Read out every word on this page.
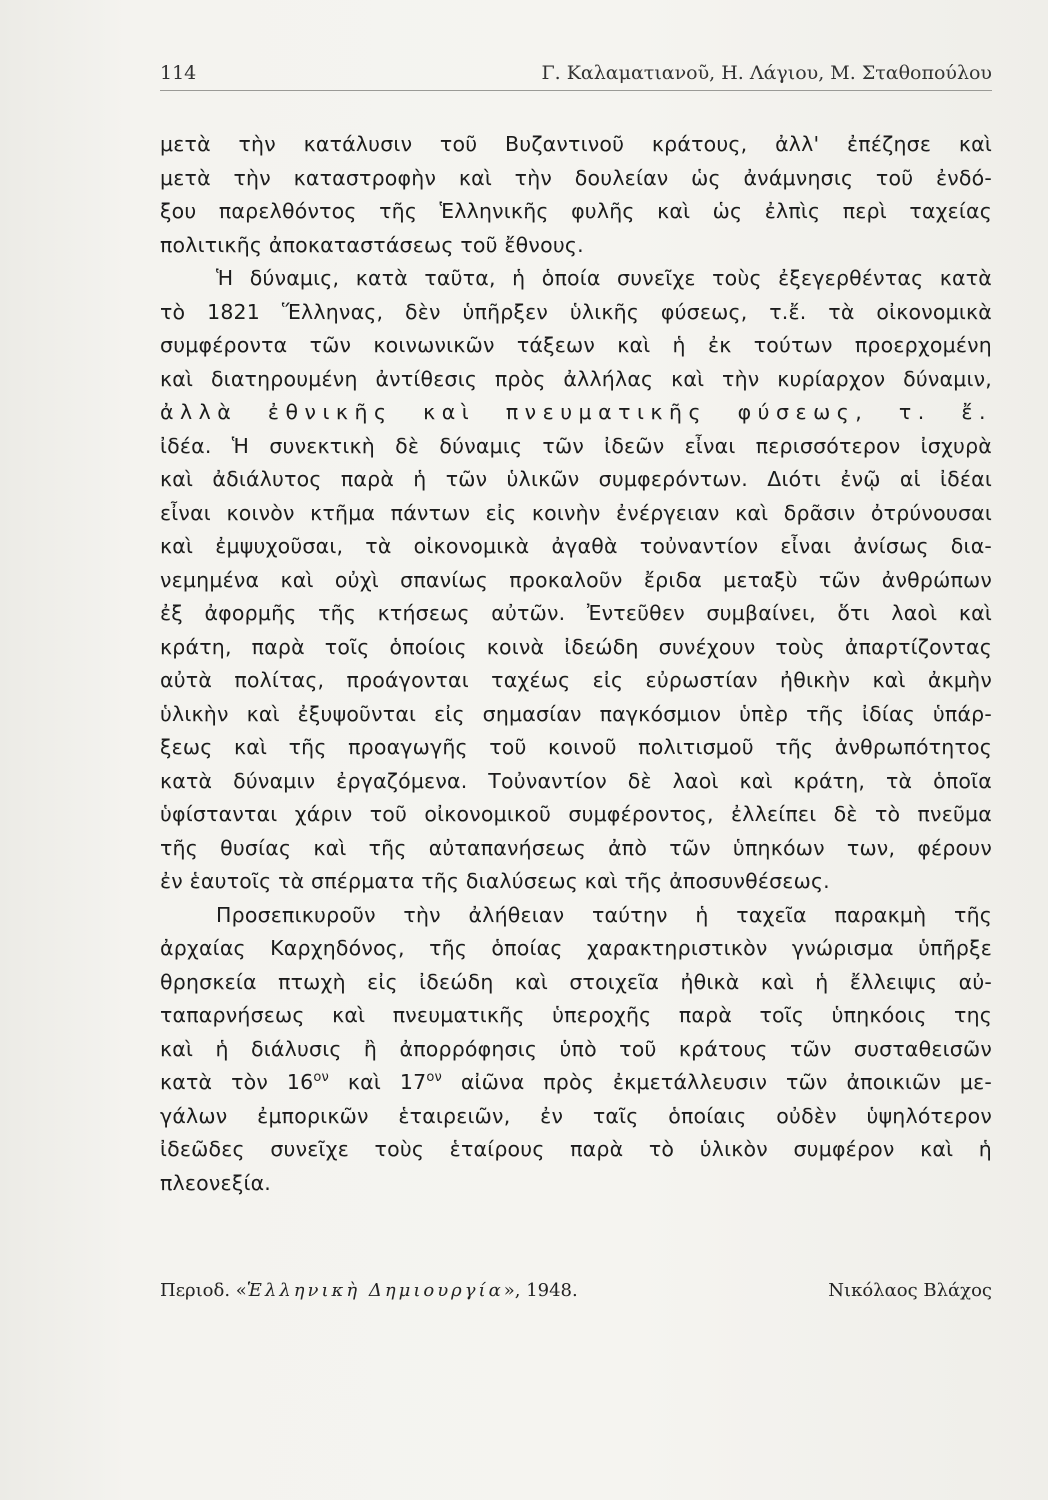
114	Γ. Καλαματιανοῦ, Η. Λάγιου, Μ. Σταθοπούλου
μετὰ τὴν κατάλυσιν τοῦ Βυζαντινοῦ κράτους, ἀλλ' ἐπέζησε καὶ
μετὰ τὴν καταστροφὴν καὶ τὴν δουλείαν ὡς ἀνάμνησις τοῦ ἐνδό-
ξου παρελθόντος τῆς Ἑλληνικῆς φυλῆς καὶ ὡς ἐλπὶς περὶ ταχείας
πολιτικῆς ἀποκαταστάσεως τοῦ ἔθνους.
Ἡ δύναμις, κατὰ ταῦτα, ἡ ὁποία συνεῖχε τοὺς ἐξεγερθέντας κατὰ
τὸ 1821 Ἕλληνας, δὲν ὑπῆρξεν ὑλικῆς φύσεως, τ.ἔ. τὰ οἰκονομικὰ
συμφέροντα τῶν κοινωνικῶν τάξεων καὶ ἡ ἐκ τούτων προερχομένη
καὶ διατηρουμένη ἀντίθεσις πρὸς ἀλλήλας καὶ τὴν κυρίαρχον δύναμιν,
ἀλλὰ ἐθνικῆς καὶ πνευματικῆς φύσεως, τ. ἔ.
ἰδέα. Ἡ συνεκτικὴ δὲ δύναμις τῶν ἰδεῶν εἶναι περισσότερον ἰσχυρὰ
καὶ ἀδιάλυτος παρὰ ἡ τῶν ὑλικῶν συμφερόντων. Διότι ἐνῷ αἱ ἰδέαι
εἶναι κοινὸν κτῆμα πάντων εἰς κοινὴν ἐνέργειαν καὶ δρᾶσιν ὀτρύνουσαι
καὶ ἐμψυχοῦσαι, τὰ οἰκονομικὰ ἀγαθὰ τοὐναντίον εἶναι ἀνίσως δια-
νεμημένα καὶ οὐχὶ σπανίως προκαλοῦν ἔριδα μεταξὺ τῶν ἀνθρώπων
ἐξ ἀφορμῆς τῆς κτήσεως αὐτῶν. Ἐντεῦθεν συμβαίνει, ὅτι λαοὶ καὶ
κράτη, παρὰ τοῖς ὁποίοις κοινὰ ἰδεώδη συνέχουν τοὺς ἀπαρτίζοντας
αὐτὰ πολίτας, προάγονται ταχέως εἰς εὐρωστίαν ἠθικὴν καὶ ἀκμὴν
ὑλικὴν καὶ ἐξυψοῦνται εἰς σημασίαν παγκόσμιον ὑπὲρ τῆς ἰδίας ὑπάρ-
ξεως καὶ τῆς προαγωγῆς τοῦ κοινοῦ πολιτισμοῦ τῆς ἀνθρωπότητος
κατὰ δύναμιν ἐργαζόμενα. Τοὐναντίον δὲ λαοὶ καὶ κράτη, τὰ ὁποῖα
ὑφίστανται χάριν τοῦ οἰκονομικοῦ συμφέροντος, ἐλλείπει δὲ τὸ πνεῦμα
τῆς θυσίας καὶ τῆς αὐταπανήσεως ἀπὸ τῶν ὑπηκόων των, φέρουν
ἐν ἑαυτοῖς τὰ σπέρματα τῆς διαλύσεως καὶ τῆς ἀποσυνθέσεως.
Προσεπικυροῦν τὴν ἀλήθειαν ταύτην ἡ ταχεῖα παρακμὴ τῆς
ἀρχαίας Καρχηδόνος, τῆς ὁποίας χαρακτηριστικὸν γνώρισμα ὑπῆρξε
θρησκεία πτωχὴ εἰς ἰδεώδη καὶ στοιχεῖα ἠθικὰ καὶ ἡ ἔλλειψις αὐ-
ταπαρνήσεως καὶ πνευματικῆς ὑπεροχῆς παρὰ τοῖς ὑπηκόοις της
καὶ ἡ διάλυσις ἢ ἀπορρόφησις ὑπὸ τοῦ κράτους τῶν συσταθεισῶν
κατὰ τὸν $16^{o\nu}$ καὶ $17^{o\nu}$ αἰῶνα πρὸς ἐκμετάλλευσιν τῶν ἀποικιῶν με-
γάλων ἐμπορικῶν ἑταιρειῶν, ἐν ταῖς ὁποίαις οὐδὲν ὑψηλότερον
ἰδεῶδες συνεῖχε τοὺς ἑταίρους παρὰ τὸ ὑλικὸν συμφέρον καὶ ἡ
πλεονεξία.
Περιοδ. «Ἑλληνικὴ Δημιουργία», 1948.	Νικόλαος Βλάχος
